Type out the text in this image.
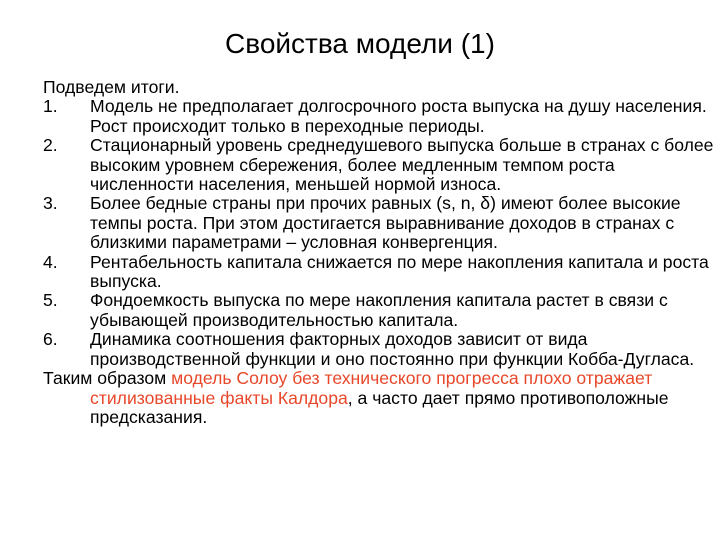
Свойства модели (1)
Подведем итоги.
1. Модель не предполагает долгосрочного роста выпуска на душу населения. Рост происходит только в переходные периоды.
2. Стационарный уровень среднедушевого выпуска больше в странах с более высоким уровнем сбережения, более медленным темпом роста численности населения, меньшей нормой износа.
3. Более бедные страны при прочих равных (s, n, δ) имеют более высокие темпы роста. При этом достигается выравнивание доходов в странах с близкими параметрами – условная конвергенция.
4. Рентабельность капитала снижается по мере накопления капитала и роста выпуска.
5. Фондоемкость выпуска по мере накопления капитала растет в связи с убывающей производительностью капитала.
6. Динамика соотношения факторных доходов зависит от вида производственной функции и оно постоянно при функции Кобба-Дугласа.
Таким образом модель Солоу без технического прогресса плохо отражает стилизованные факты Калдора, а часто дает прямо противоположные предсказания.
